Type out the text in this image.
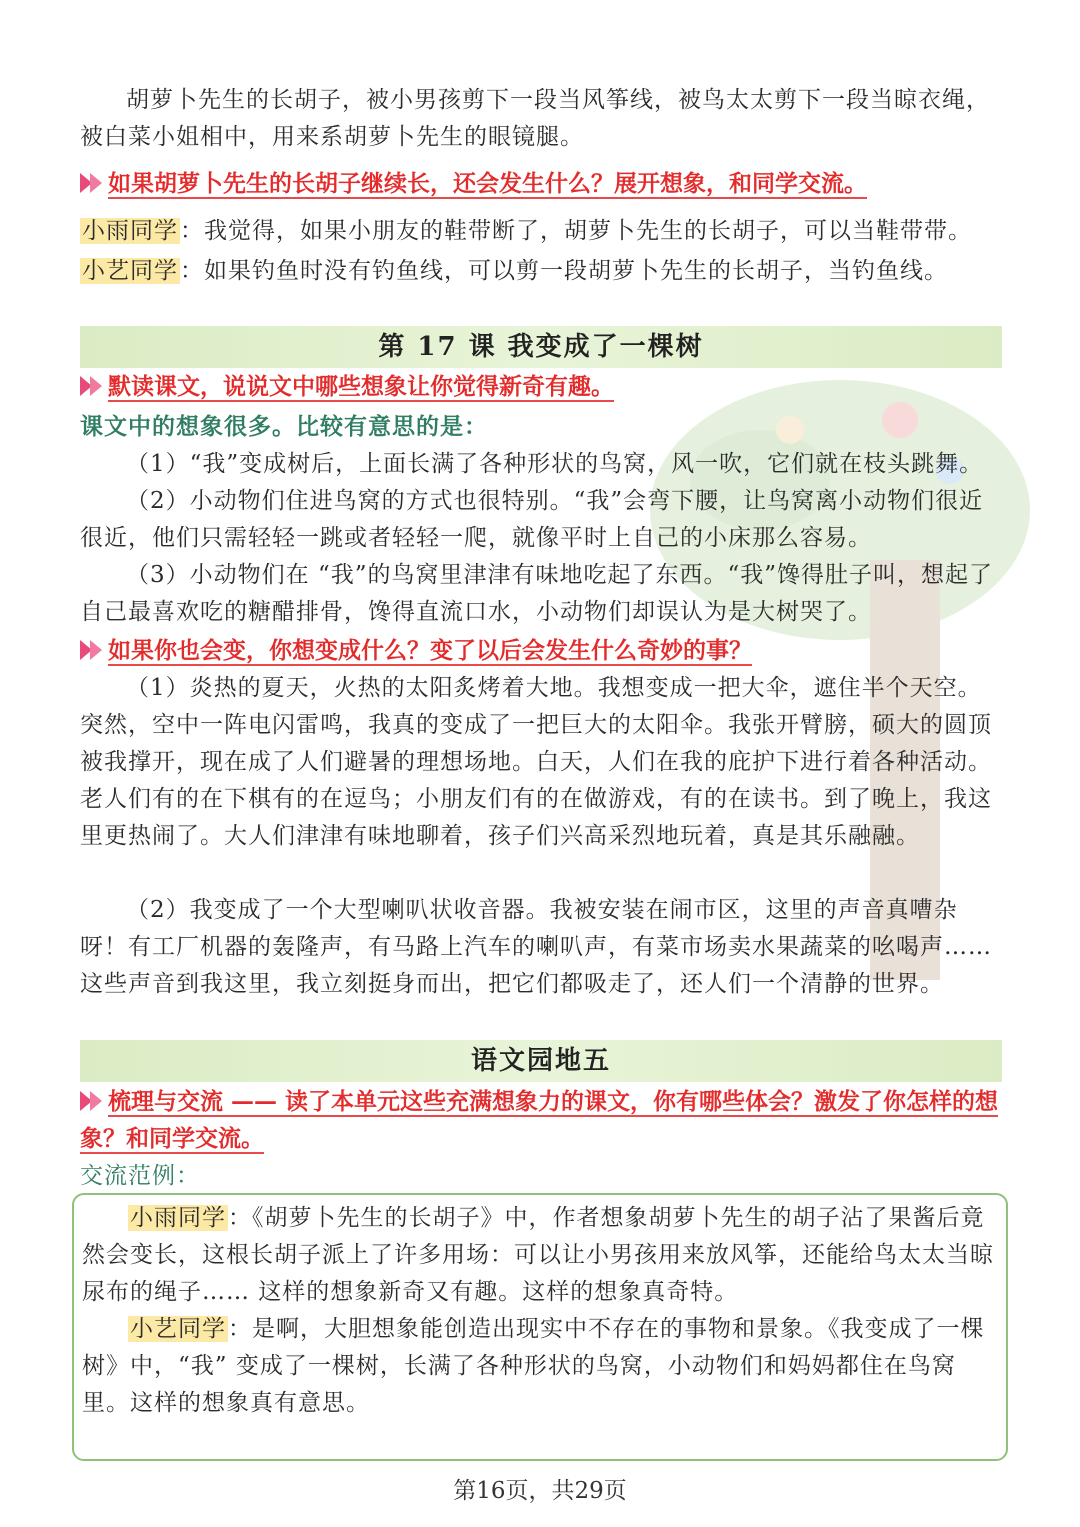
胡萝卜先生的长胡子，被小男孩剪下一段当风筝线，被鸟太太剪下一段当晾衣绳，被白菜小姐相中，用来系胡萝卜先生的眼镜腿。

如果胡萝卜先生的长胡子继续长，还会发生什么？展开想象，和同学交流。

小雨同学：我觉得，如果小朋友的鞋带断了，胡萝卜先生的长胡子，可以当鞋带带。

小艺同学：如果钓鱼时没有钓鱼线，可以剪一段胡萝卜先生的长胡子，当钓鱼线。

第 17 课 我变成了一棵树

默读课文，说说文中哪些想象让你觉得新奇有趣。

课文中的想象很多。比较有意思的是：

（1）“我”变成树后，上面长满了各种形状的鸟窝，风一吹，它们就在枝头跳舞。

（2）小动物们住进鸟窝的方式也很特别。“我”会弯下腰，让鸟窝离小动物们很近很近，他们只需轻轻一跳或者轻轻一爬，就像平时上自己的小床那么容易。

（3）小动物们在 “我”的鸟窝里津津有味地吃起了东西。“我”馋得肚子叫，想起了自己最喜欢吃的糖醋排骨，馋得直流口水，小动物们却误认为是大树哭了。

如果你也会变，你想变成什么？变了以后会发生什么奇妙的事？

（1）炎热的夏天，火热的太阳炙烤着大地。我想变成一把大伞，遮住半个天空。突然，空中一阵电闪雷鸣，我真的变成了一把巨大的太阳伞。我张开臂膀，硕大的圆顶被我撑开，现在成了人们避暑的理想场地。白天，人们在我的庇护下进行着各种活动。老人们有的在下棋有的在逗鸟；小朋友们有的在做游戏，有的在读书。到了晚上，我这里更热闹了。大人们津津有味地聊着，孩子们兴高采烈地玩着，真是其乐融融。

（2）我变成了一个大型喇叭状收音器。我被安装在闹市区，这里的声音真嘈杂呀！有工厂机器的轰隆声，有马路上汽车的喇叭声，有菜市场卖水果蔬菜的吆喝声……这些声音到我这里，我立刻挺身而出，把它们都吸走了，还人们一个清静的世界。

语文园地五

梳理与交流 —— 读了本单元这些充满想象力的课文，你有哪些体会？激发了你怎样的想象？和同学交流。

交流范例：

小雨同学：《胡萝卜先生的长胡子》中，作者想象胡萝卜先生的胡子沾了果酱后竟然会变长，这根长胡子派上了许多用场：可以让小男孩用来放风筝，还能给鸟太太当晾尿布的绳子…… 这样的想象新奇又有趣。这样的想象真奇特。

小艺同学：是啊，大胆想象能创造出现实中不存在的事物和景象。《我变成了一棵树》中，“我” 变成了一棵树，长满了各种形状的鸟窝，小动物们和妈妈都住在鸟窝里。这样的想象真有意思。

第16页，共29页
